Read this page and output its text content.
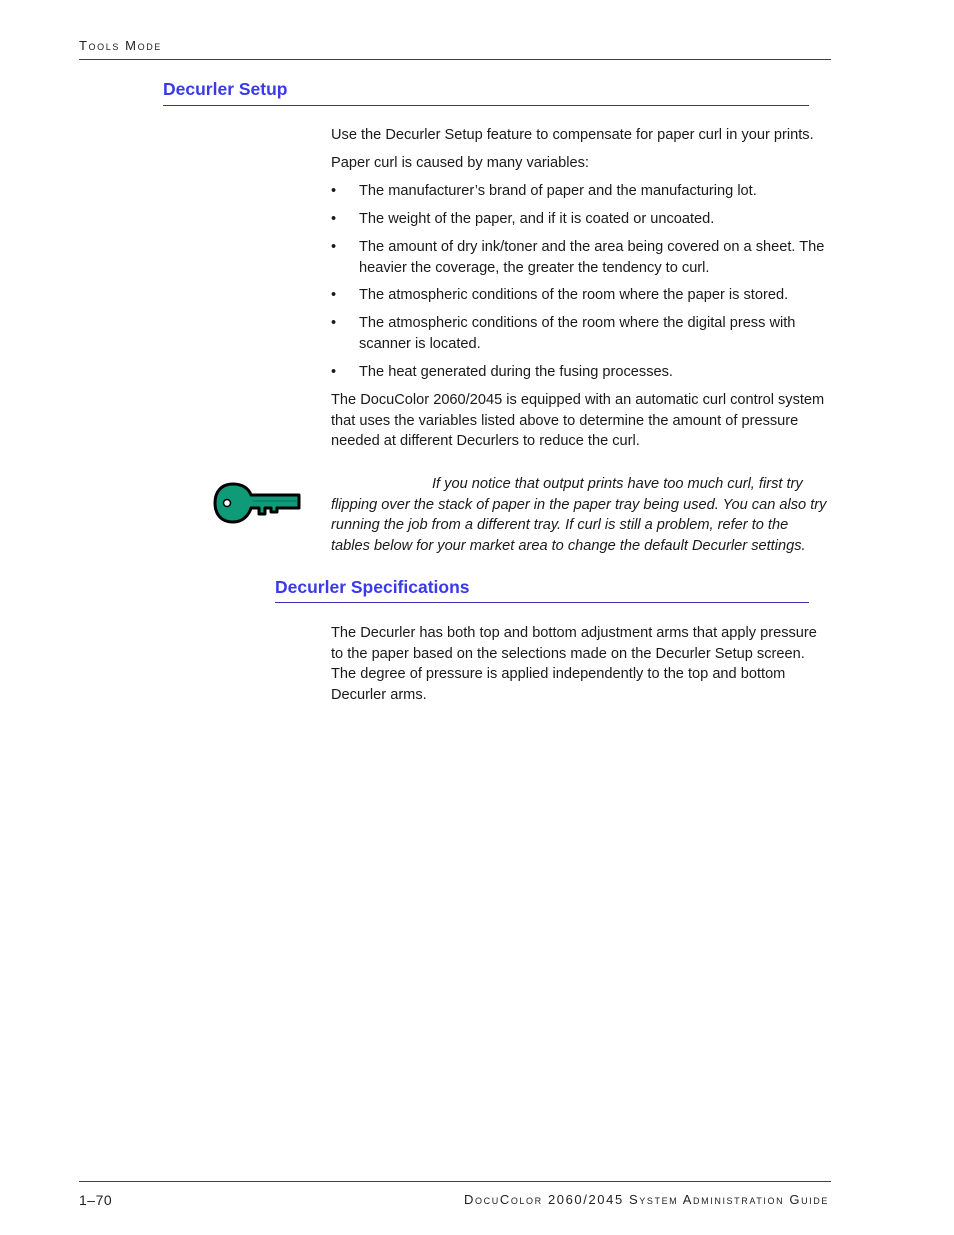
Tools Mode
Decurler Setup

Use the Decurler Setup feature to compensate for paper curl in your prints.

Paper curl is caused by many variables:

• The manufacturer’s brand of paper and the manufacturing lot.
• The weight of the paper, and if it is coated or uncoated.
• The amount of dry ink/toner and the area being covered on a sheet. The heavier the coverage, the greater the tendency to curl.
• The atmospheric conditions of the room where the paper is stored.
• The atmospheric conditions of the room where the digital press with scanner is located.
• The heat generated during the fusing processes.

The DocuColor 2060/2045 is equipped with an automatic curl control system that uses the variables listed above to determine the amount of pressure needed at different Decurlers to reduce the curl.

If you notice that output prints have too much curl, first try flipping over the stack of paper in the paper tray being used. You can also try running the job from a different tray. If curl is still a problem, refer to the tables below for your market area to change the default Decurler settings.
Decurler Specifications

The Decurler has both top and bottom adjustment arms that apply pressure to the paper based on the selections made on the Decurler Setup screen. The degree of pressure is applied independently to the top and bottom Decurler arms.

1–70	DocuColor 2060/2045 System Administration Guide
